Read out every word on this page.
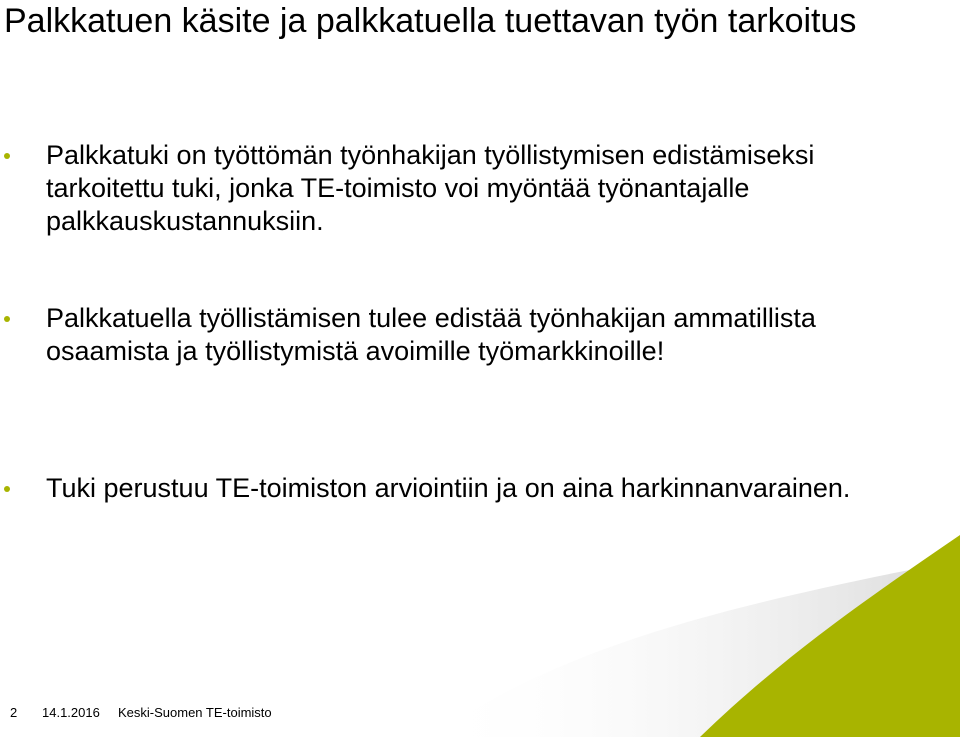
Palkkatuen käsite ja palkkatuella tuettavan työn tarkoitus
Palkkatuki on työttömän työnhakijan työllistymisen edistämiseksi tarkoitettu tuki, jonka TE-toimisto voi myöntää työnantajalle palkkauskustannuksiin.
Palkkatuella työllistämisen tulee edistää työnhakijan ammatillista osaamista ja työllistymistä avoimille työmarkkinoille!
Tuki perustuu TE-toimiston arviointiin ja on aina harkinnanvarainen.
2 14.1.2016 Keski-Suomen TE-toimisto
